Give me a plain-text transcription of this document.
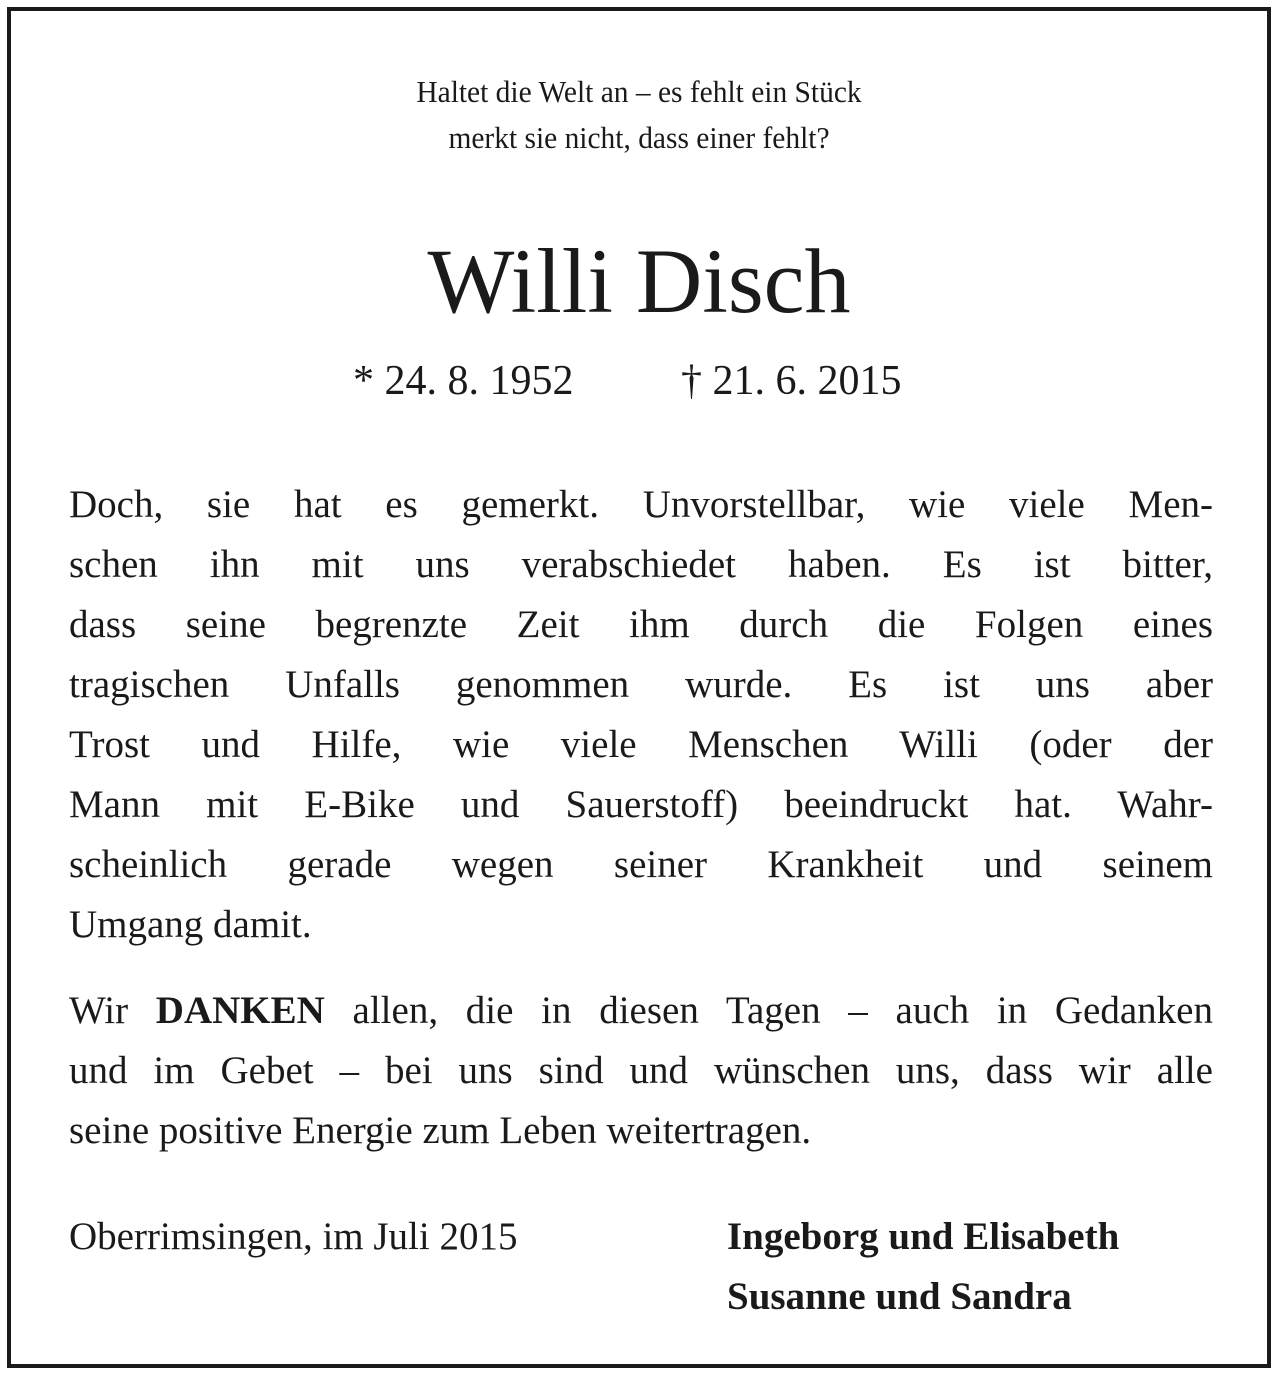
Haltet die Welt an – es fehlt ein Stück
merkt sie nicht, dass einer fehlt?
Willi Disch
* 24. 8. 1952	† 21. 6. 2015
Doch, sie hat es gemerkt. Unvorstellbar, wie viele Men-
schen ihn mit uns verabschiedet haben. Es ist bitter,
dass seine begrenzte Zeit ihm durch die Folgen eines
tragischen Unfalls genommen wurde. Es ist uns aber
Trost und Hilfe, wie viele Menschen Willi (oder der
Mann mit E-Bike und Sauerstoff) beeindruckt hat. Wahr-
scheinlich gerade wegen seiner Krankheit und seinem
Umgang damit.
Wir DANKEN allen, die in diesen Tagen – auch in Gedanken
und im Gebet – bei uns sind und wünschen uns, dass wir alle
seine positive Energie zum Leben weitertragen.
Oberrimsingen, im Juli 2015	Ingeborg und Elisabeth
Susanne und Sandra
